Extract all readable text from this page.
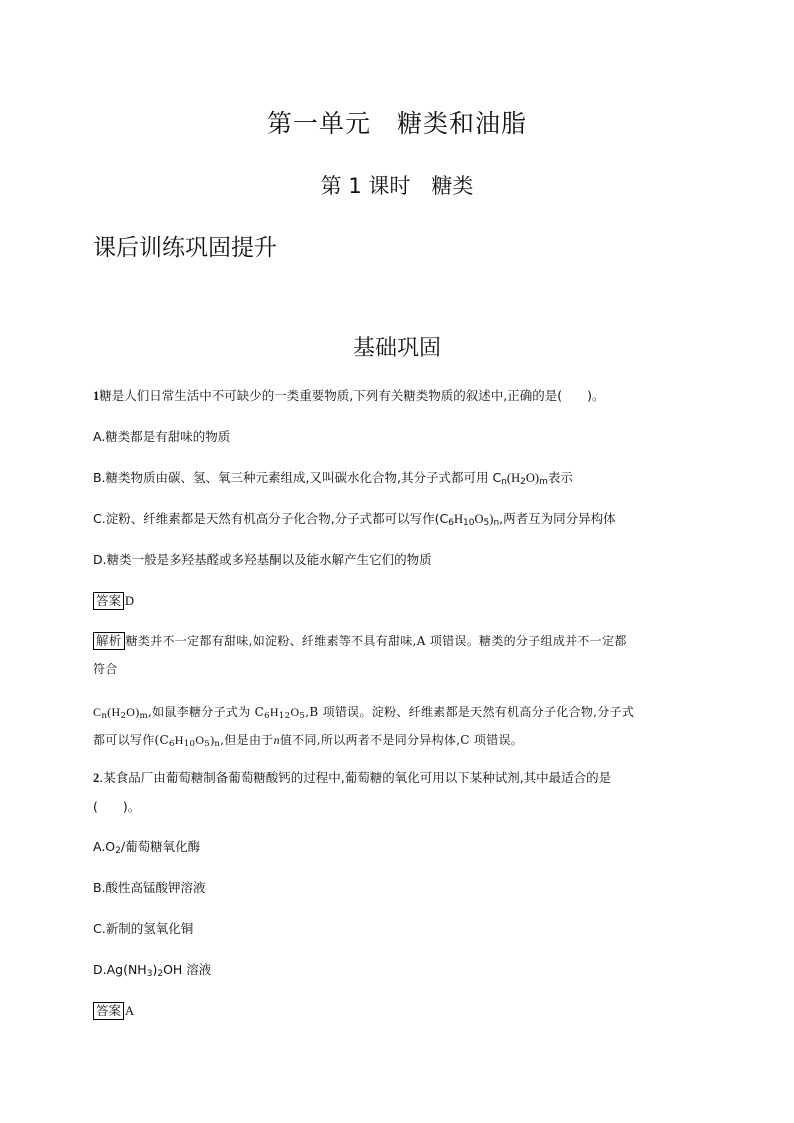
第一单元　糖类和油脂
第 1 课时　 糖类
课后训练巩固提升
基础巩固
1糖是人们日常生活中不可缺少的一类重要物质,下列有关糖类物质的叙述中,正确的是(　　)。
A.糖类都是有甜味的物质
B.糖类物质由碳、氢、氧三种元素组成,又叫碳水化合物,其分子式都可用 $C_n(H_2O)_m$表示
C.淀粉、纤维素都是天然有机高分子化合物,分子式都可以写作$(C_6H_{10}O_5)_n$,两者互为同分异构体
D.糖类一般是多羟基醛或多羟基酮以及能水解产生它们的物质
答案 D
解析 糖类并不一定都有甜味,如淀粉、纤维素等不具有甜味,A 项错误。糖类的分子组成并不一定都
符合
$C_n(H_2O)_m$,如鼠李糖分子式为 $C_6H_{12}O_5,B$ 项错误。淀粉、纤维素都是天然有机高分子化合物,分子式
都可以写作$(C_6H_{10}O_5)_n$,但是由于n值不同,所以两者不是同分异构体,C 项错误。
2.某食品厂由葡萄糖制备葡萄糖酸钙的过程中,葡萄糖的氧化可用以下某种试剂,其中最适合的是
(　　)。
$A.O_2/$葡萄糖氧化酶
B.酸性高锰酸钾溶液
C.新制的氢氧化铜
$D.Ag(NH_3)_2OH$ 溶液
答案 A
